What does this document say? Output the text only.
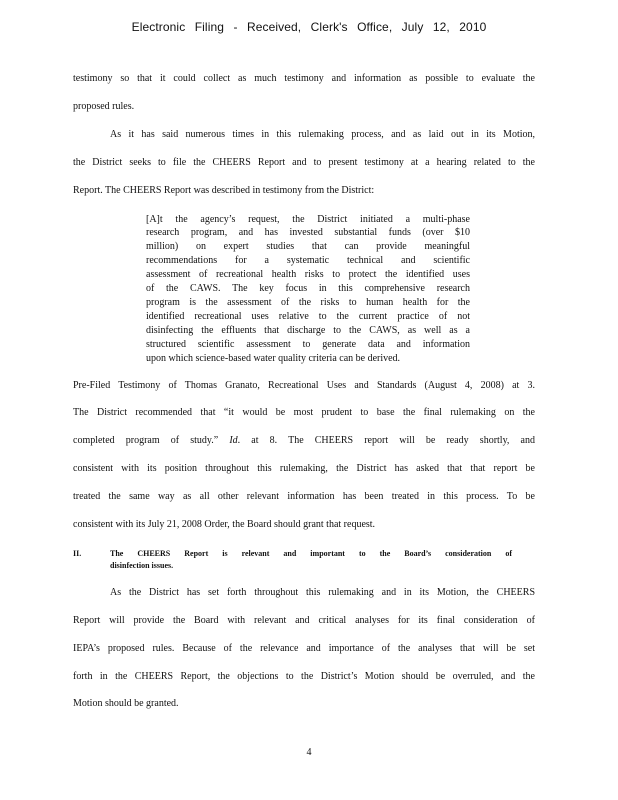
Electronic Filing - Received, Clerk's Office, July 12, 2010
testimony so that it could collect as much testimony and information as possible to evaluate the
proposed rules.
As it has said numerous times in this rulemaking process, and as laid out in its Motion,
the District seeks to file the CHEERS Report and to present testimony at a hearing related to the
Report. The CHEERS Report was described in testimony from the District:
[A]t the agency’s request, the District initiated a multi-phase
research program, and has invested substantial funds (over $10
million) on expert studies that can provide meaningful
recommendations for a systematic technical and scientific
assessment of recreational health risks to protect the identified uses
of the CAWS. The key focus in this comprehensive research
program is the assessment of the risks to human health for the
identified recreational uses relative to the current practice of not
disinfecting the effluents that discharge to the CAWS, as well as a
structured scientific assessment to generate data and information
upon which science-based water quality criteria can be derived.
Pre-Filed Testimony of Thomas Granato, Recreational Uses and Standards (August 4, 2008) at 3.
The District recommended that “it would be most prudent to base the final rulemaking on the
completed program of study.” Id. at 8. The CHEERS report will be ready shortly, and
consistent with its position throughout this rulemaking, the District has asked that that report be
treated the same way as all other relevant information has been treated in this process. To be
consistent with its July 21, 2008 Order, the Board should grant that request.
II.	The CHEERS Report is relevant and important to the Board’s consideration of
disinfection issues.
As the District has set forth throughout this rulemaking and in its Motion, the CHEERS
Report will provide the Board with relevant and critical analyses for its final consideration of
IEPA’s proposed rules. Because of the relevance and importance of the analyses that will be set
forth in the CHEERS Report, the objections to the District’s Motion should be overruled, and the
Motion should be granted.
4
